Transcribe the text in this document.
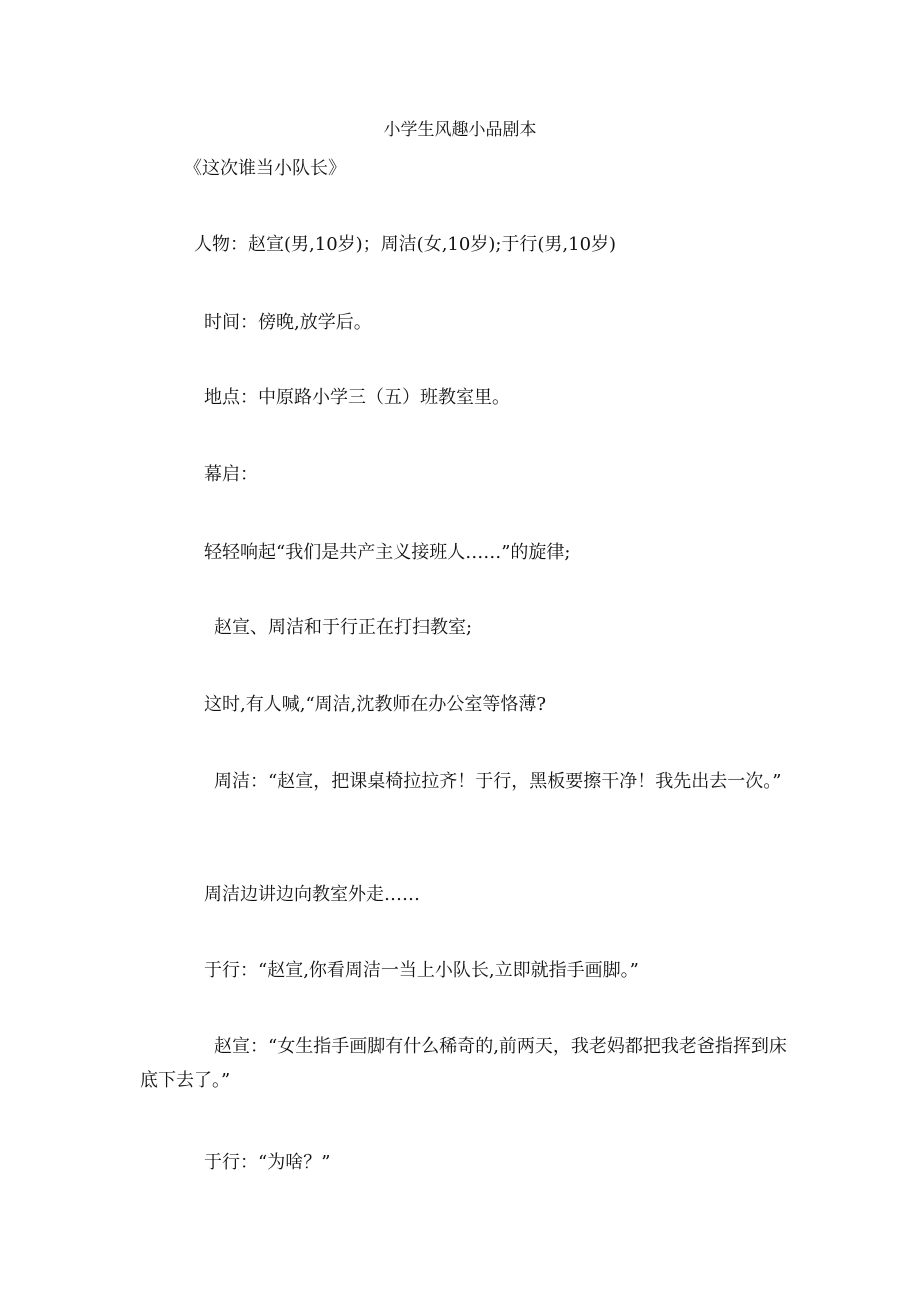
小学生风趣小品剧本

《这次谁当小队长》

人物：赵宣(男,10岁)；周洁(女,10岁);于行(男,10岁)

时间：傍晚,放学后。

地点：中原路小学三（五）班教室里。

幕启：

轻轻响起“我们是共产主义接班人……”的旋律;

赵宣、周洁和于行正在打扫教室;

这时,有人喊,“周洁,沈教师在办公室等恪薄?

周洁：“赵宣，把课桌椅拉拉齐！于行，黑板要擦干净！我先出去一次。”

周洁边讲边向教室外走……

于行：“赵宣,你看周洁一当上小队长,立即就指手画脚。”

赵宣：“女生指手画脚有什么稀奇的,前两天，我老妈都把我老爸指挥到床底下去了。”

于行：“为啥？”
